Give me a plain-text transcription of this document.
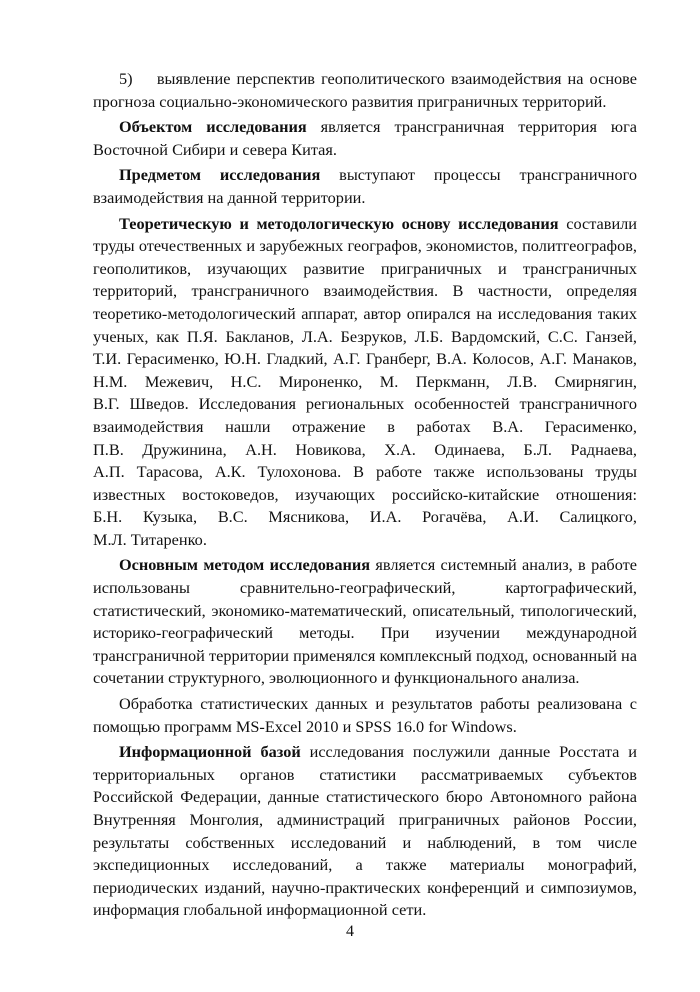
5)    выявление перспектив геополитического взаимодействия на основе прогноза социально-экономического развития приграничных территорий.

Объектом исследования является трансграничная территория юга Восточной Сибири и севера Китая.

Предметом исследования выступают процессы трансграничного взаимодействия на данной территории.

Теоретическую и методологическую основу исследования составили труды отечественных и зарубежных географов, экономистов, политгеографов, геополитиков, изучающих развитие приграничных и трансграничных территорий, трансграничного взаимодействия. В частности, определяя теоретико-методологический аппарат, автор опирался на исследования таких ученых, как П.Я. Бакланов, Л.А. Безруков, Л.Б. Вардомский, С.С. Ганзей, Т.И. Герасименко, Ю.Н. Гладкий, А.Г. Гранберг, В.А. Колосов, А.Г. Манаков, Н.М. Межевич, Н.С. Мироненко, М. Перкманн, Л.В. Смирнягин, В.Г. Шведов. Исследования региональных особенностей трансграничного взаимодействия нашли отражение в работах В.А. Герасименко, П.В. Дружинина, А.Н. Новикова, Х.А. Одинаева, Б.Л. Раднаева, А.П. Тарасова, А.К. Тулохонова. В работе также использованы труды известных востоковедов, изучающих российско-китайские отношения: Б.Н. Кузыка, В.С. Мясникова, И.А. Рогачёва, А.И. Салицкого, М.Л. Титаренко.

Основным методом исследования является системный анализ, в работе использованы сравнительно-географический, картографический, статистический, экономико-математический, описательный, типологический, историко-географический методы. При изучении международной трансграничной территории применялся комплексный подход, основанный на сочетании структурного, эволюционного и функционального анализа.

Обработка статистических данных и результатов работы реализована с помощью программ MS-Excel 2010 и SPSS 16.0 for Windows.

Информационной базой исследования послужили данные Росстата и территориальных органов статистики рассматриваемых субъектов Российской Федерации, данные статистического бюро Автономного района Внутренняя Монголия, администраций приграничных районов России, результаты собственных исследований и наблюдений, в том числе экспедиционных исследований, а также материалы монографий, периодических изданий, научно-практических конференций и симпозиумов, информация глобальной информационной сети.

4
